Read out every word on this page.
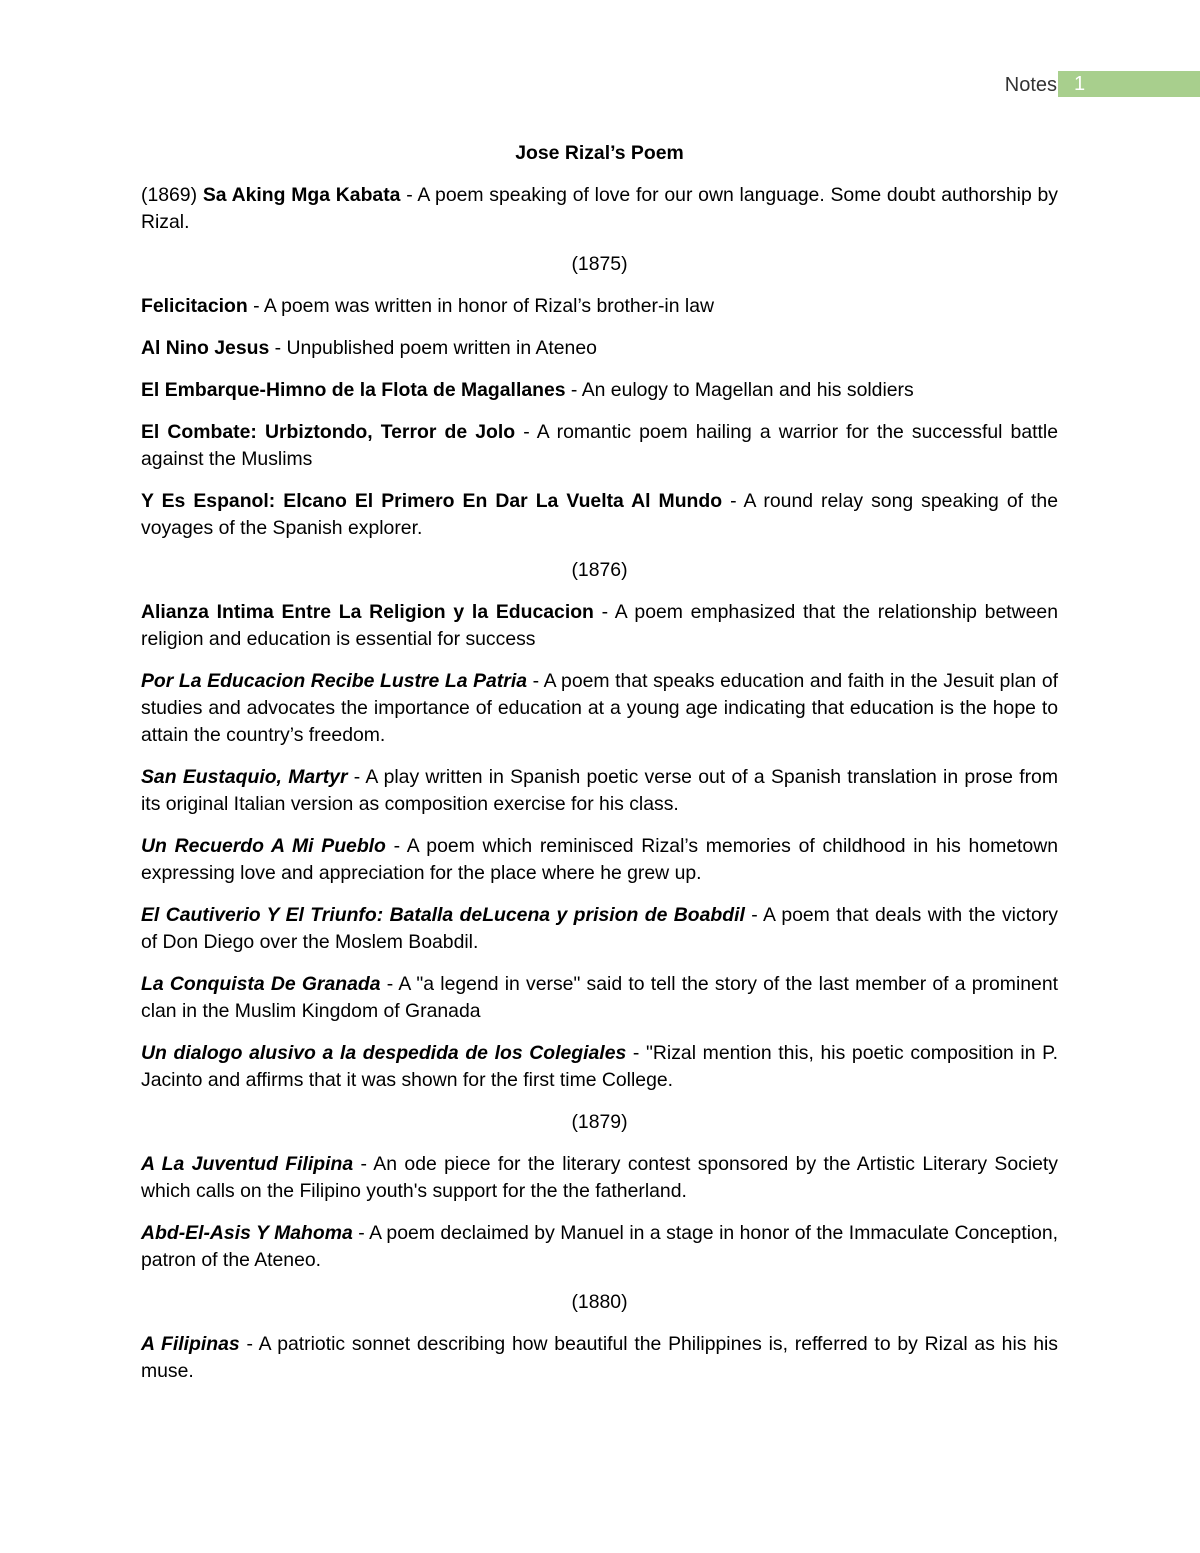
Notes 1
Jose Rizal’s Poem

(1869) Sa Aking Mga Kabata - A poem speaking of love for our own language. Some doubt authorship by Rizal.

(1875)

Felicitacion - A poem was written in honor of Rizal’s brother-in law

Al Nino Jesus - Unpublished poem written in Ateneo

El Embarque-Himno de la Flota de Magallanes - An eulogy to Magellan and his soldiers

El Combate: Urbiztondo, Terror de Jolo - A romantic poem hailing a warrior for the successful battle against the Muslims

Y Es Espanol: Elcano El Primero En Dar La Vuelta Al Mundo - A round relay song speaking of the voyages of the Spanish explorer.

(1876)

Alianza Intima Entre La Religion y la Educacion - A poem emphasized that the relationship between religion and education is essential for success

Por La Educacion Recibe Lustre La Patria - A poem that speaks education and faith in the Jesuit plan of studies and advocates the importance of education at a young age indicating that education is the hope to attain the country’s freedom.

San Eustaquio, Martyr - A play written in Spanish poetic verse out of a Spanish translation in prose from its original Italian version as composition exercise for his class.

Un Recuerdo A Mi Pueblo - A poem which reminisced Rizal’s memories of childhood in his hometown expressing love and appreciation for the place where he grew up.

El Cautiverio Y El Triunfo: Batalla deLucena y prision de Boabdil - A poem that deals with the victory of Don Diego over the Moslem Boabdil.

La Conquista De Granada - A "a legend in verse" said to tell the story of the last member of a prominent clan in the Muslim Kingdom of Granada

Un dialogo alusivo a la despedida de los Colegiales - "Rizal mention this, his poetic composition in P. Jacinto and affirms that it was shown for the first time College.

(1879)

A La Juventud Filipina - An ode piece for the literary contest sponsored by the Artistic Literary Society which calls on the Filipino youth's support for the the fatherland.

Abd-El-Asis Y Mahoma - A poem declaimed by Manuel in a stage in honor of the Immaculate Conception, patron of the Ateneo.

(1880)

A Filipinas - A patriotic sonnet describing how beautiful the Philippines is, refferred to by Rizal as his his muse.
